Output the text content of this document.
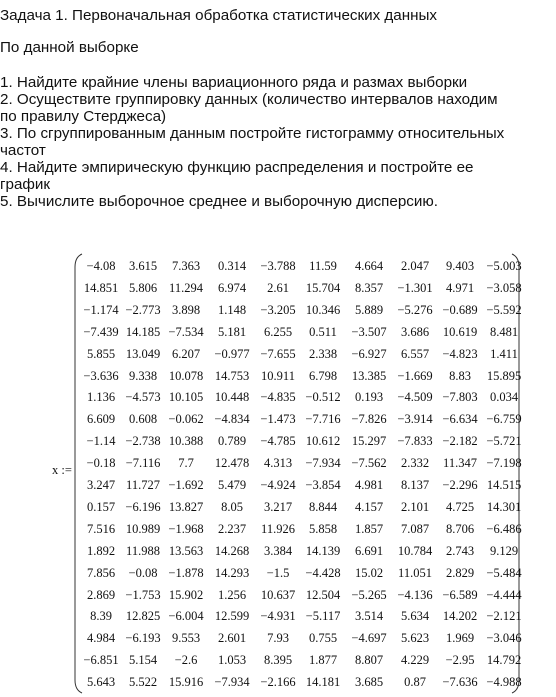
Задача 1. Первоначальная обработка статистических данных
По данной выборке
1. Найдите крайние члены вариационного ряда и размах выборки
2. Осуществите группировку данных (количество интервалов находим
по правилу Стерджеса)
3. По сгруппированным данным постройте гистограмму относительных
частот
4. Найдите эмпирическую функцию распределения и постройте ее
график
5. Вычислите выборочное среднее и выборочную дисперсию.
x :=
−4.08	3.615	7.363	0.314	−3.788	11.59	4.664	2.047	9.403 −5.003
14.851 5.806 11.294	6.974	2.61	15.704	8.357	−1.301	4.971 −3.058
−1.174 −2.773 3.898	1.148	−3.205 10.346	5.889	−5.276 −0.689 −5.592
−7.439 14.185 −7.534	5.181	6.255	0.511	−3.507	3.686	10.619	8.481
5.855 13.049 6.207	−0.977 −7.655	2.338	−6.927	6.557	−4.823	1.411
−3.636 9.338 10.078 14.753 10.911	6.798	13.385 −1.669	8.83	15.895
1.136 −4.573 10.105 10.448 −4.835 −0.512	0.193	−4.509 −7.803 0.034
6.609	0.608 −0.062 −4.834 −1.473 −7.716 −7.826 −3.914 −6.634 −6.759
−1.14 −2.738 10.388	0.789	−4.785 10.612 15.297 −7.833 −2.182 −5.721
−0.18 −7.116	7.7	12.478	4.313	−7.934 −7.562	2.332	11.347 −7.198
3.247 11.727 −1.692	5.479	−4.924 −3.854	4.981	8.137	−2.296 14.515
0.157 −6.196 13.827	8.05	3.217	8.844	4.157	2.101	4.725	14.301
7.516 10.989 −1.968	2.237	11.926	5.858	1.857	7.087	8.706 −6.486
1.892 11.988 13.563 14.268	3.384	14.139	6.691	10.784	2.743	9.129
7.856	−0.08 −1.878 14.293	−1.5	−4.428	15.02	11.051	2.829 −5.484
2.869 −1.753 15.902	1.256	10.637 12.504 −5.265 −4.136 −6.589 −4.444
8.39	12.825 −6.004 12.599 −4.931 −5.117	3.514	5.634	14.202 −2.121
4.984 −6.193 9.553	2.601	7.93	0.755	−4.697	5.623	1.969 −3.046
−6.851 5.154	−2.6	1.053	8.395	1.877	8.807	4.229	−2.95 14.792
5.643	5.522 15.916 −7.934 −2.166 14.181	3.685	0.87	−7.636 −4.988
